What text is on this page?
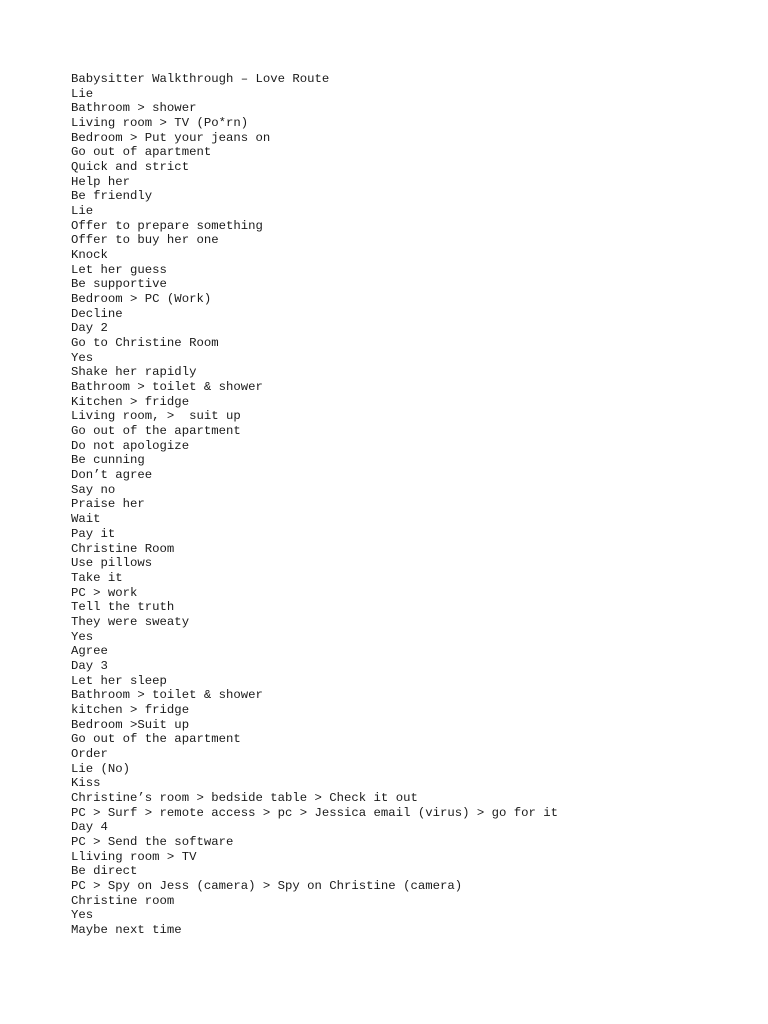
Babysitter Walkthrough – Love Route
Lie
Bathroom > shower
Living room > TV (Po*rn)
Bedroom > Put your jeans on
Go out of apartment
Quick and strict
Help her
Be friendly
Lie
Offer to prepare something
Offer to buy her one
Knock
Let her guess
Be supportive
Bedroom > PC (Work)
Decline
Day 2
Go to Christine Room
Yes
Shake her rapidly
Bathroom > toilet & shower
Kitchen > fridge
Living room, >  suit up
Go out of the apartment
Do not apologize
Be cunning
Don’t agree
Say no
Praise her
Wait
Pay it
Christine Room
Use pillows
Take it
PC > work
Tell the truth
They were sweaty
Yes
Agree
Day 3
Let her sleep
Bathroom > toilet & shower
kitchen > fridge
Bedroom >Suit up
Go out of the apartment
Order
Lie (No)
Kiss
Christine’s room > bedside table > Check it out
PC > Surf > remote access > pc > Jessica email (virus) > go for it
Day 4
PC > Send the software
Lliving room > TV
Be direct
PC > Spy on Jess (camera) > Spy on Christine (camera)
Christine room
Yes
Maybe next time
